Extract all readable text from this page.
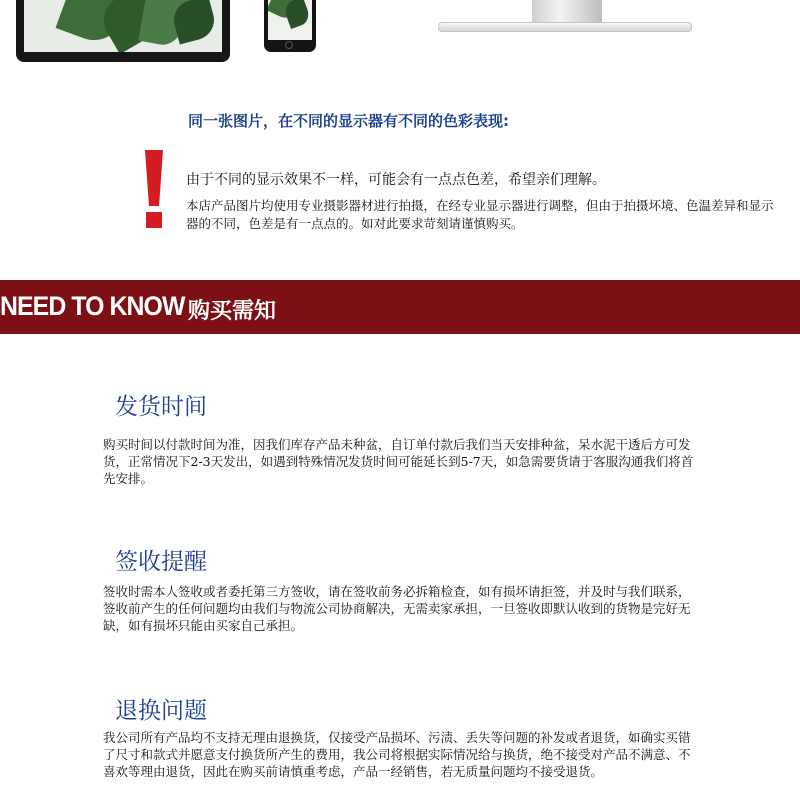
同一张图片，在不同的显示器有不同的色彩表现:
由于不同的显示效果不一样，可能会有一点点色差，希望亲们理解。
本店产品图片均使用专业摄影器材进行拍摄，在经专业显示器进行调整，但由于拍摄坏境、色温差异和显示器的不同，色差是有一点点的。如对此要求苛刻请谨慎购买。
NEED TO KNOW 购买需知
发货时间
购买时间以付款时间为准，因我们库存产品未种盆，自订单付款后我们当天安排种盆，呆水泥干透后方可发货，正常情况下2-3天发出，如遇到特殊情况发货时间可能延长到5-7天，如急需要货请于客服沟通我们将首先安排。
签收提醒
签收时需本人签收或者委托第三方签收，请在签收前务必拆箱检查，如有损坏请拒签，并及时与我们联系，签收前产生的任何问题均由我们与物流公司协商解决，无需卖家承担，一旦签收即默认收到的货物是完好无缺，如有损坏只能由买家自己承担。
退换问题
我公司所有产品均不支持无理由退换货，仅接受产品损坏、污渍、丢失等问题的补发或者退货，如确实买错了尺寸和款式并愿意支付换货所产生的费用，我公司将根据实际情况给与换货，绝不接受对产品不满意、不喜欢等理由退货，因此在购买前请慎重考虑，产品一经销售，若无质量问题均不接受退货。
